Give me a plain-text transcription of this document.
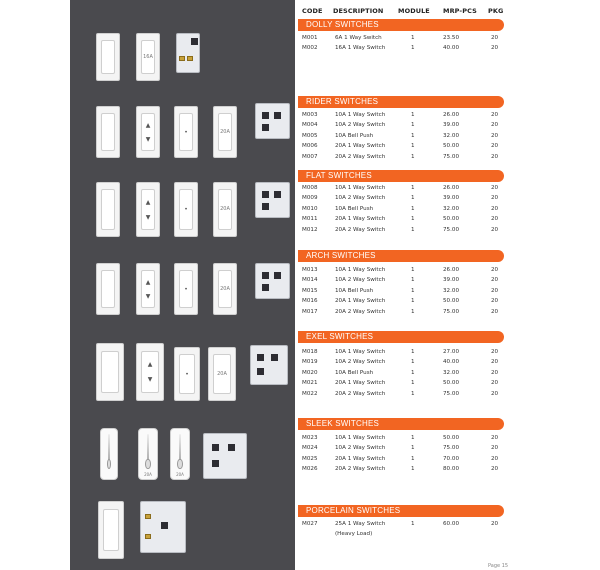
16A
▲
▼
•	20A
▲
▼
•	20A
▲
▼
•	20A
▲
▼
•	20A
20A	20A
CODE DESCRIPTION MODULE MRP-PCS PKG
DOLLY SWITCHES
M001	6A 1 Way Switch	1	23.50	20
M002	16A 1 Way Switch	1	40.00	20
RIDER SWITCHES
M003	10A 1 Way Switch	1	26.00	20
M004	10A 2 Way Switch	1	39.00	20
M005	10A Bell Push	1	32.00	20
M006	20A 1 Way Switch	1	50.00	20
M007	20A 2 Way Switch	1	75.00	20
FLAT SWITCHES
M008	10A 1 Way Switch	1	26.00	20
M009	10A 2 Way Switch	1	39.00	20
M010	10A Bell Push	1	32.00	20
M011	20A 1 Way Switch	1	50.00	20
M012	20A 2 Way Switch	1	75.00	20
ARCH SWITCHES
M013	10A 1 Way Switch	1	26.00	20
M014	10A 2 Way Switch	1	39.00	20
M015	10A Bell Push	1	32.00	20
M016	20A 1 Way Switch	1	50.00	20
M017	20A 2 Way Switch	1	75.00	20
EXEL SWITCHES
M018	10A 1 Way Switch	1	27.00	20
M019	10A 2 Way Switch	1	40.00	20
M020	10A Bell Push	1	32.00	20
M021	20A 1 Way Switch	1	50.00	20
M022	20A 2 Way Switch	1	75.00	20
SLEEK SWITCHES
M023	10A 1 Way Switch	1	50.00	20
M024	10A 2 Way Switch	1	75.00	20
M025	20A 1 Way Switch	1	70.00	20
M026	20A 2 Way Switch	1	80.00	20
PORCELAIN SWITCHES
M027	25A 1 Way Switch	1	60.00	20
(Heavy Load)
Page 15
